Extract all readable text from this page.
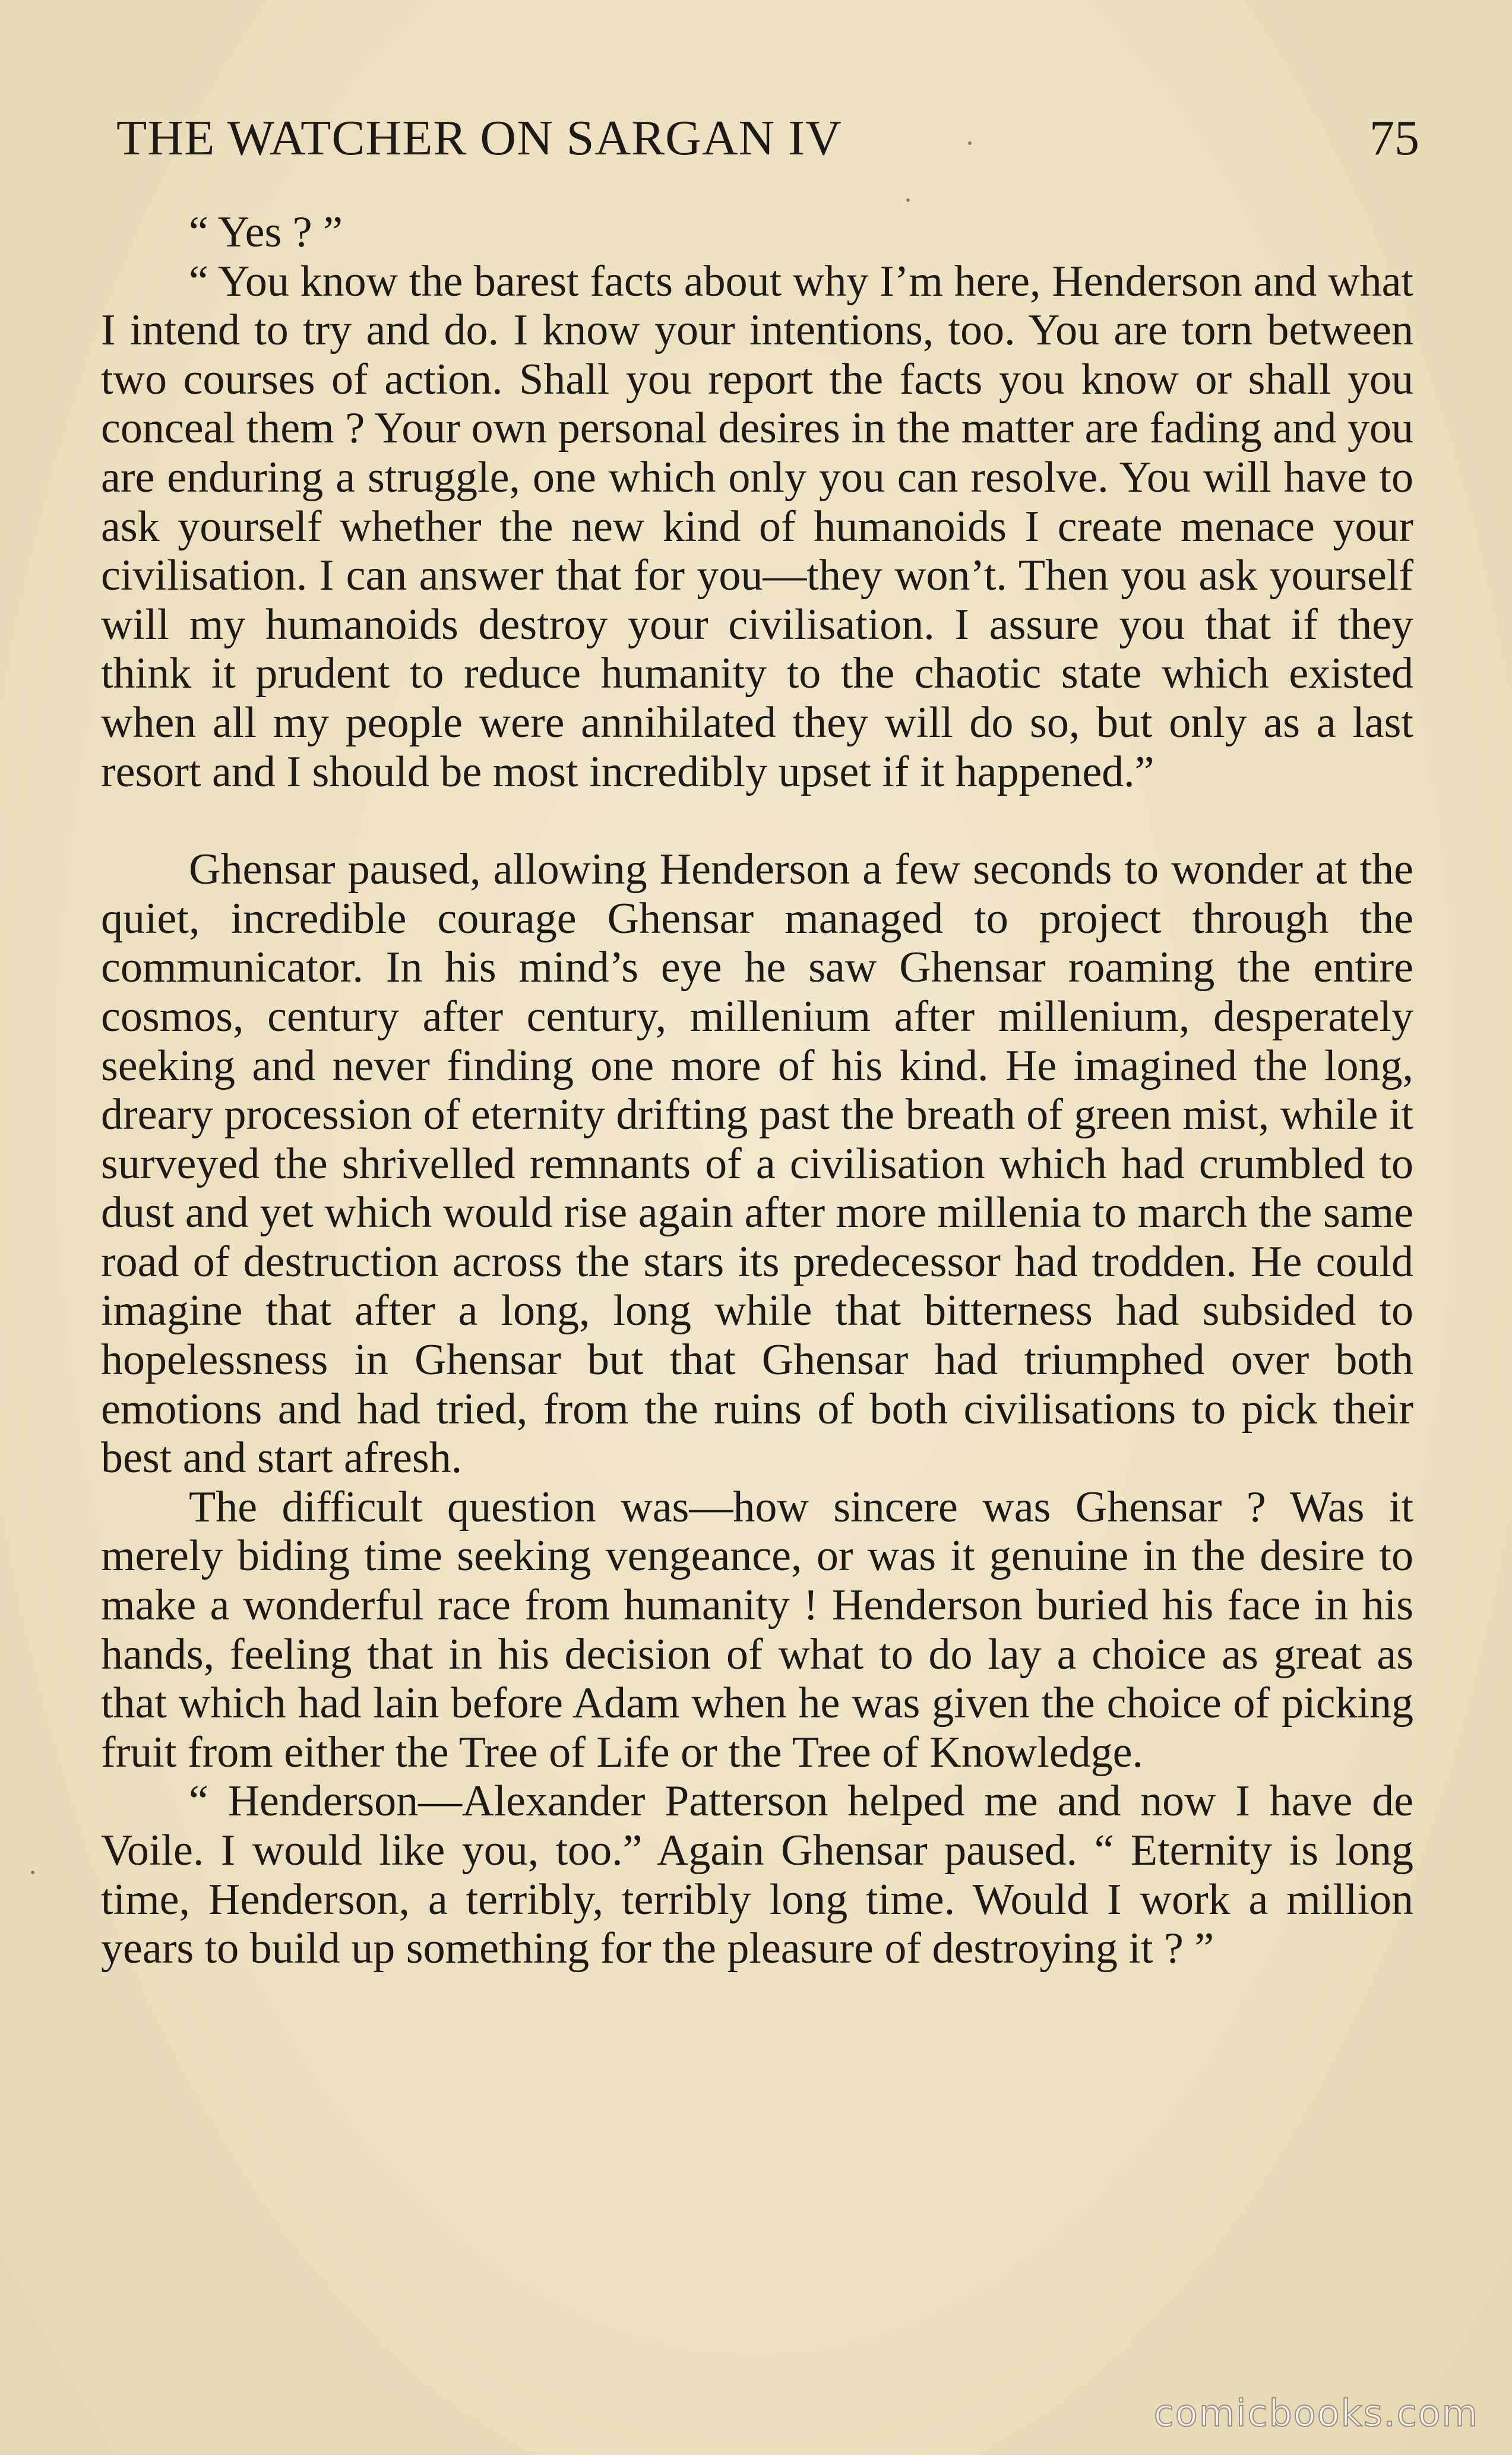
THE WATCHER ON SARGAN IV	75

“ Yes ? ”

“ You know the barest facts about why I’m here, Henderson and what I intend to try and do. I know your intentions, too. You are torn between two courses of action. Shall you report the facts you know or shall you conceal them ? Your own personal desires in the matter are fading and you are enduring a struggle, one which only you can resolve. You will have to ask yourself whether the new kind of humanoids I create menace your civilisation. I can answer that for you—they won’t. Then you ask yourself will my humanoids destroy your civilisation. I assure you that if they think it prudent to reduce humanity to the chaotic state which existed when all my people were annihilated they will do so, but only as a last resort and I should be most incredibly upset if it happened.”

Ghensar paused, allowing Henderson a few seconds to wonder at the quiet, incredible courage Ghensar managed to project through the communicator. In his mind’s eye he saw Ghensar roaming the entire cosmos, century after century, millenium after millenium, desperately seeking and never finding one more of his kind. He imagined the long, dreary procession of eternity drifting past the breath of green mist, while it surveyed the shrivelled remnants of a civilisation which had crumbled to dust and yet which would rise again after more millenia to march the same road of destruction across the stars its predecessor had trodden. He could imagine that after a long, long while that bitterness had subsided to hopelessness in Ghensar but that Ghensar had triumphed over both emotions and had tried, from the ruins of both civilisations to pick their best and start afresh.

The difficult question was—how sincere was Ghensar ? Was it merely biding time seeking vengeance, or was it genuine in the desire to make a wonderful race from humanity ! Henderson buried his face in his hands, feeling that in his decision of what to do lay a choice as great as that which had lain before Adam when he was given the choice of picking fruit from either the Tree of Life or the Tree of Knowledge.

“ Henderson—Alexander Patterson helped me and now I have de Voile. I would like you, too.” Again Ghensar paused. “ Eternity is long time, Henderson, a terribly, terribly long time. Would I work a million years to build up something for the pleasure of destroying it ? ”

comicbooks.com
